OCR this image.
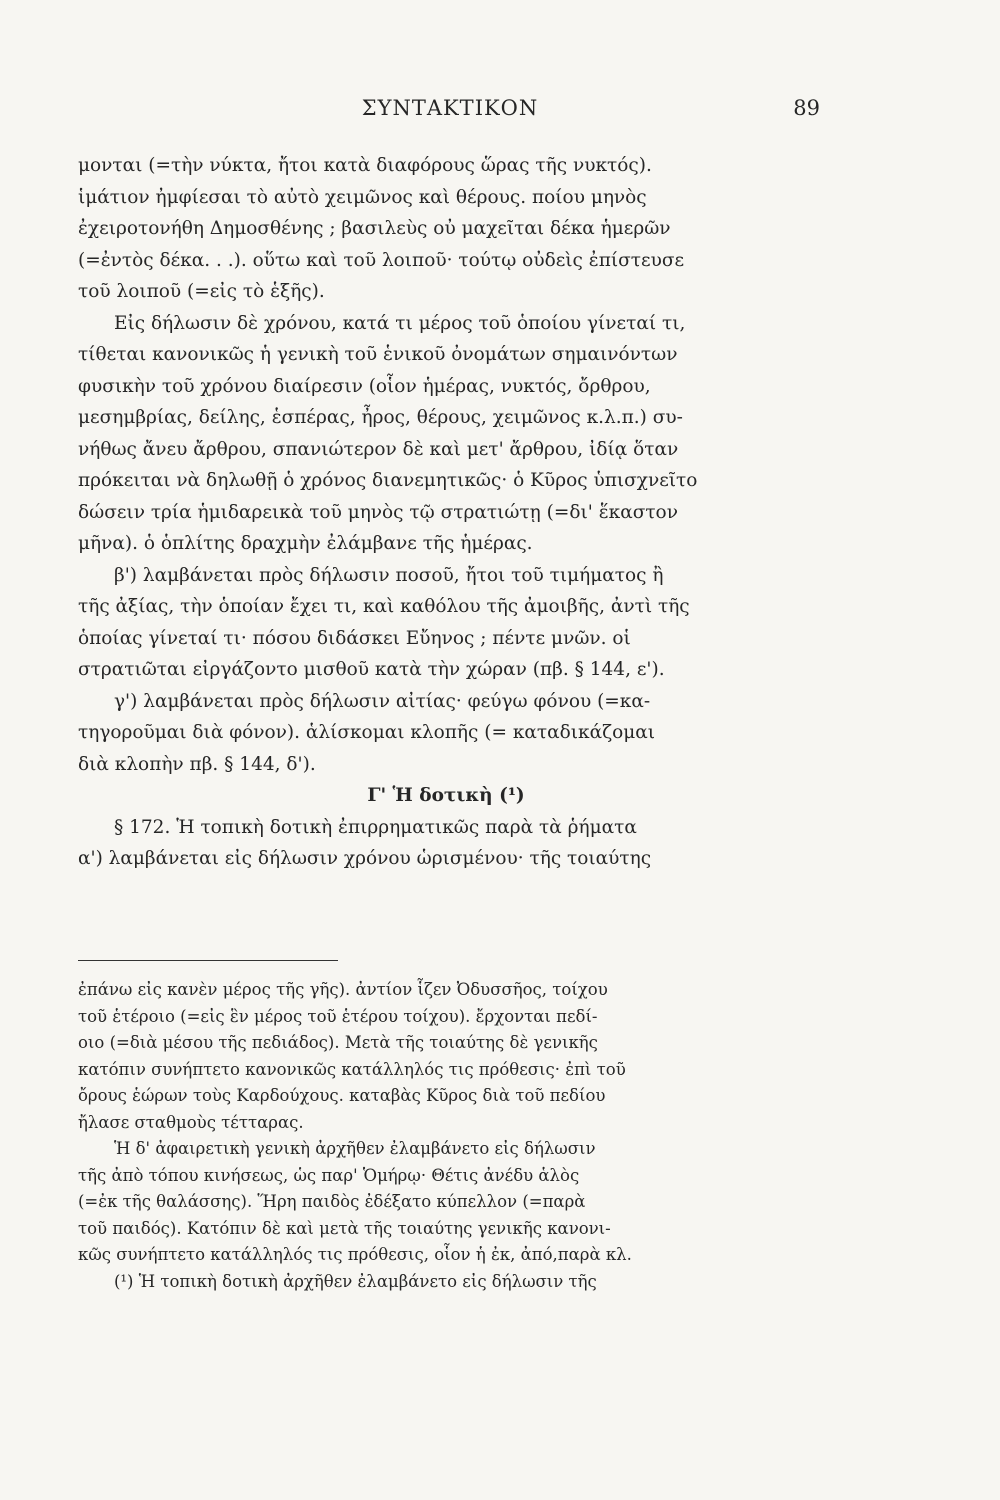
ΣΥΝΤΑΚΤΙΚΟΝ	89

μονται (=τὴν νύκτα, ἤτοι κατὰ διαφόρους ὥρας τῆς νυκτός).
ἱμάτιον ἠμφίεσαι τὸ αὐτὸ χειμῶνος καὶ θέρους. ποίου μηνὸς
ἐχειροτονήθη Δημοσθένης ; βασιλεὺς οὐ μαχεῖται δέκα ἡμερῶν
(=ἐντὸς δέκα. . .). οὕτω καὶ τοῦ λοιποῦ· τούτῳ οὐδεὶς ἐπίστευσε
τοῦ λοιποῦ (=εἰς τὸ ἑξῆς).

Εἰς δήλωσιν δὲ χρόνου, κατά τι μέρος τοῦ ὁποίου γίνεταί τι,
τίθεται κανονικῶς ἡ γενικὴ τοῦ ἑνικοῦ ὀνομάτων σημαινόντων
φυσικὴν τοῦ χρόνου διαίρεσιν (οἷον ἡμέρας, νυκτός, ὄρθρου,
μεσημβρίας, δείλης, ἑσπέρας, ἦρος, θέρους, χειμῶνος κ.λ.π.) συ-
νήθως ἄνευ ἄρθρου, σπανιώτερον δὲ καὶ μετ' ἄρθρου, ἰδίᾳ ὅταν
πρόκειται νὰ δηλωθῇ ὁ χρόνος διανεμητικῶς· ὁ Κῦρος ὑπισχνεῖτο
δώσειν τρία ἡμιδαρεικὰ τοῦ μηνὸς τῷ στρατιώτῃ (=δι' ἕκαστον
μῆνα). ὁ ὁπλίτης δραχμὴν ἐλάμβανε τῆς ἡμέρας.

β') λαμβάνεται πρὸς δήλωσιν ποσοῦ, ἤτοι τοῦ τιμήματος ἢ
τῆς ἀξίας, τὴν ὁποίαν ἔχει τι, καὶ καθόλου τῆς ἀμοιβῆς, ἀντὶ τῆς
ὁποίας γίνεταί τι· πόσου διδάσκει Εὔηνος ; πέντε μνῶν. οἱ
στρατιῶται εἰργάζοντο μισθοῦ κατὰ τὴν χώραν (πβ. § 144, ε').

γ') λαμβάνεται πρὸς δήλωσιν αἰτίας· φεύγω φόνου (=κα-
τηγοροῦμαι διὰ φόνον). ἁλίσκομαι κλοπῆς (= καταδικάζομαι
διὰ κλοπὴν πβ. § 144, δ').

Γ' Ἡ δοτικὴ (¹)

§ 172. Ἡ τοπικὴ δοτικὴ ἐπιρρηματικῶς παρὰ τὰ ῥήματα
α') λαμβάνεται εἰς δήλωσιν χρόνου ὡρισμένου· τῆς τοιαύτης

ἐπάνω εἰς κανὲν μέρος τῆς γῆς). ἀντίον ἷζεν Ὀδυσσῆος, τοίχου
τοῦ ἑτέροιο (=εἰς ἓν μέρος τοῦ ἑτέρου τοίχου). ἔρχονται πεδί-
οιο (=διὰ μέσου τῆς πεδιάδος). Μετὰ τῆς τοιαύτης δὲ γενικῆς
κατόπιν συνήπτετο κανονικῶς κατάλληλός τις πρόθεσις· ἐπὶ τοῦ
ὄρους ἑώρων τοὺς Καρδούχους. καταβὰς Κῦρος διὰ τοῦ πεδίου
ἤλασε σταθμοὺς τέτταρας.

Ἡ δ' ἀφαιρετικὴ γενικὴ ἀρχῆθεν ἐλαμβάνετο εἰς δήλωσιν
τῆς ἀπὸ τόπου κινήσεως, ὡς παρ' Ὁμήρῳ· Θέτις ἀνέδυ ἁλὸς
(=ἐκ τῆς θαλάσσης). Ἥρη παιδὸς ἐδέξατο κύπελλον (=παρὰ
τοῦ παιδός). Κατόπιν δὲ καὶ μετὰ τῆς τοιαύτης γενικῆς κανονι-
κῶς συνήπτετο κατάλληλός τις πρόθεσις, οἷον ἡ ἐκ, ἀπό,παρὰ κλ.

(¹) Ἡ τοπικὴ δοτικὴ ἀρχῆθεν ἐλαμβάνετο εἰς δήλωσιν τῆς
